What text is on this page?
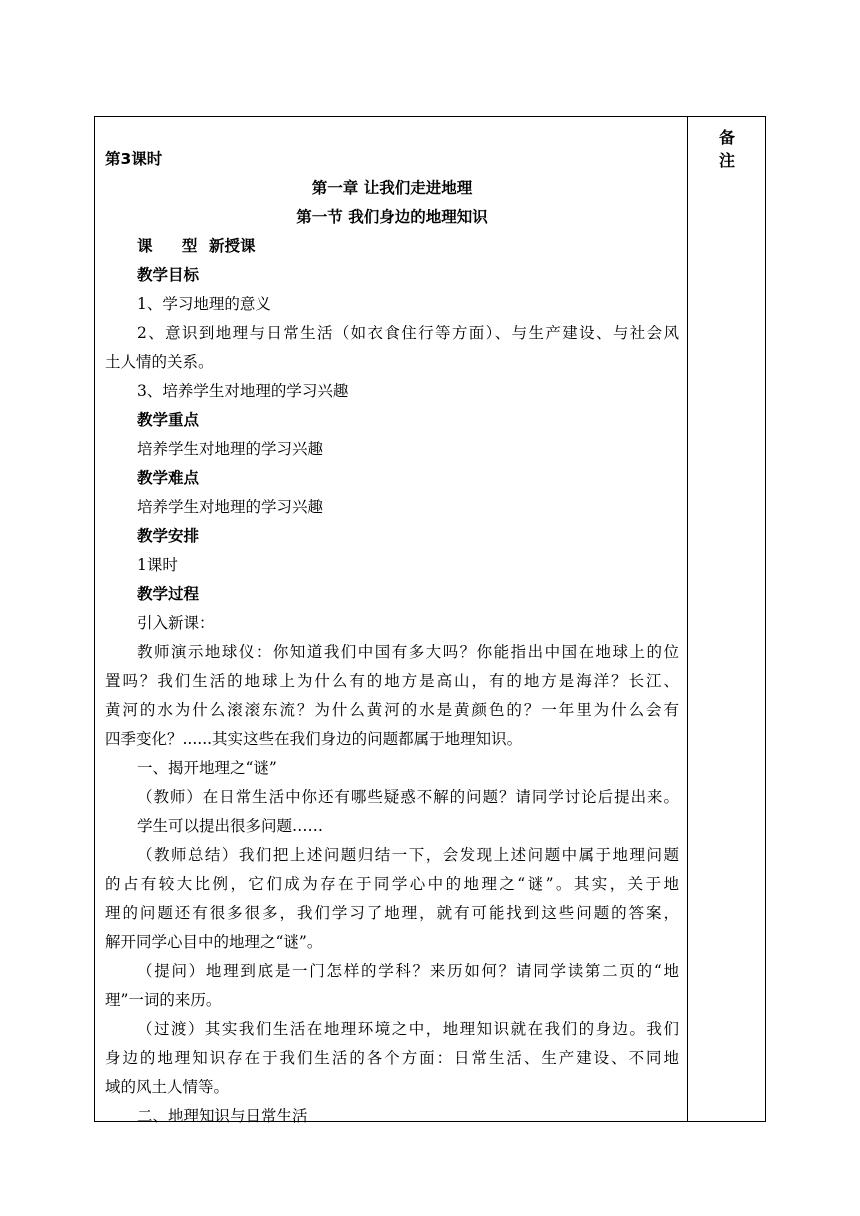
备 注
第3课时
第一章 让我们走进地理
第一节 我们身边的地理知识
课 型新授课
教学目标
1、学习地理的意义
2、意识到地理与日常生活（如衣食住行等方面）、与生产建设、与社会风
土人情的关系。
3、培养学生对地理的学习兴趣
教学重点
培养学生对地理的学习兴趣
教学难点
培养学生对地理的学习兴趣
教学安排
1课时
教学过程
引入新课：
教师演示地球仪：你知道我们中国有多大吗？你能指出中国在地球上的位
置吗？我们生活的地球上为什么有的地方是高山，有的地方是海洋？长江、
黄河的水为什么滚滚东流？为什么黄河的水是黄颜色的？一年里为什么会有
四季变化？......其实这些在我们身边的问题都属于地理知识。
一、揭开地理之“谜”
（教师）在日常生活中你还有哪些疑惑不解的问题？请同学讨论后提出来。
学生可以提出很多问题……
（教师总结）我们把上述问题归结一下，会发现上述问题中属于地理问题
的占有较大比例，它们成为存在于同学心中的地理之“谜”。其实，关于地
理的问题还有很多很多，我们学习了地理，就有可能找到这些问题的答案，
解开同学心目中的地理之“谜”。
（提问）地理到底是一门怎样的学科？来历如何？请同学读第二页的“地
理”一词的来历。
（过渡）其实我们生活在地理环境之中，地理知识就在我们的身边。我们
身边的地理知识存在于我们生活的各个方面：日常生活、生产建设、不同地
域的风土人情等。
二、地理知识与日常生活
